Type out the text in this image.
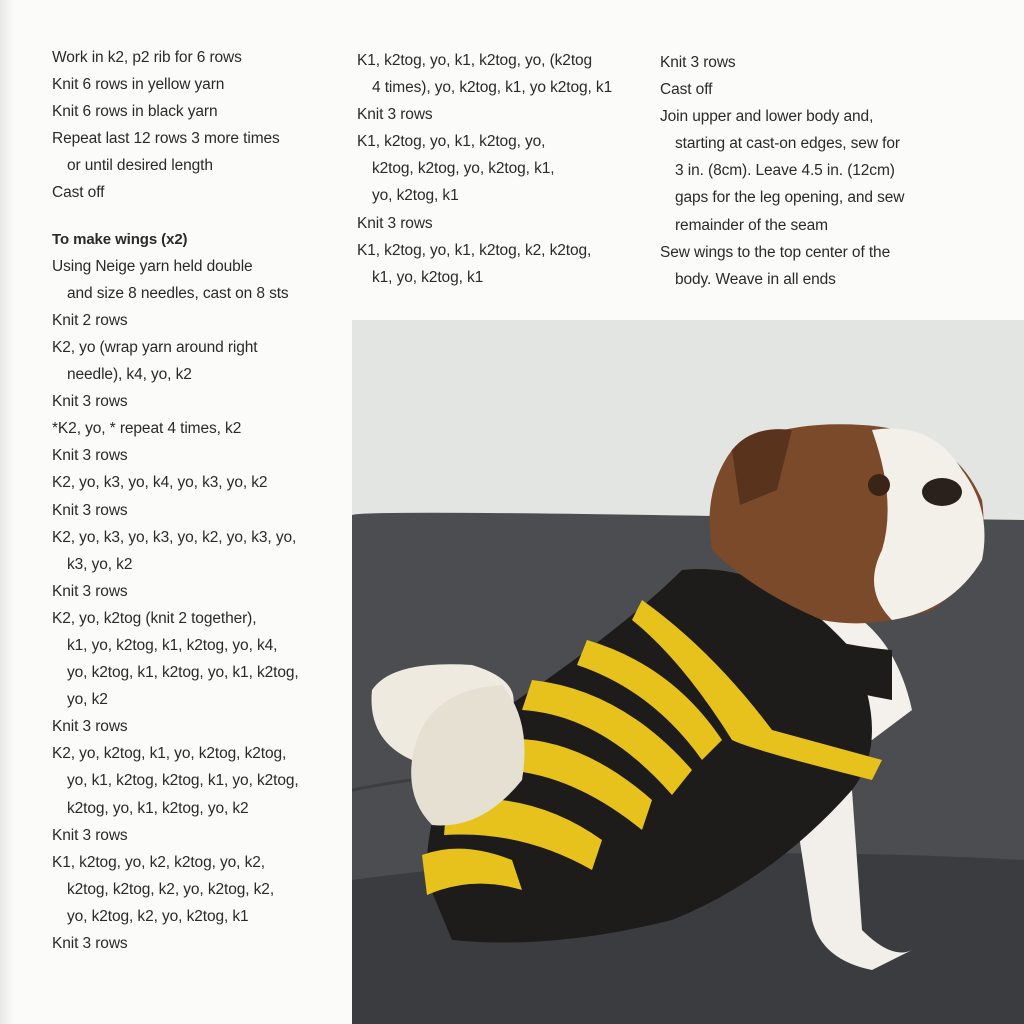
Work in k2, p2 rib for 6 rows
Knit 6 rows in yellow yarn
Knit 6 rows in black yarn
Repeat last 12 rows 3 more times
or until desired length
Cast off
To make wings (x2)
Using Neige yarn held double
and size 8 needles, cast on 8 sts
Knit 2 rows
K2, yo (wrap yarn around right
needle), k4, yo, k2
Knit 3 rows
*K2, yo, * repeat 4 times, k2
Knit 3 rows
K2, yo, k3, yo, k4, yo, k3, yo, k2
Knit 3 rows
K2, yo, k3, yo, k3, yo, k2, yo, k3, yo,
k3, yo, k2
Knit 3 rows
K2, yo, k2tog (knit 2 together),
k1, yo, k2tog, k1, k2tog, yo, k4,
yo, k2tog, k1, k2tog, yo, k1, k2tog,
yo, k2
Knit 3 rows
K2, yo, k2tog, k1, yo, k2tog, k2tog,
yo, k1, k2tog, k2tog, k1, yo, k2tog,
k2tog, yo, k1, k2tog, yo, k2
Knit 3 rows
K1, k2tog, yo, k2, k2tog, yo, k2,
k2tog, k2tog, k2, yo, k2tog, k2,
yo, k2tog, k2, yo, k2tog, k1
Knit 3 rows
K1, k2tog, yo, k1, k2tog, yo, (k2tog
4 times), yo, k2tog, k1, yo k2tog, k1
Knit 3 rows
K1, k2tog, yo, k1, k2tog, yo,
k2tog, k2tog, yo, k2tog, k1,
yo, k2tog, k1
Knit 3 rows
K1, k2tog, yo, k1, k2tog, k2, k2tog,
k1, yo, k2tog, k1
Knit 3 rows
Cast off
Join upper and lower body and,
starting at cast-on edges, sew for
3 in. (8cm). Leave 4.5 in. (12cm)
gaps for the leg opening, and sew
remainder of the seam
Sew wings to the top center of the
body. Weave in all ends
